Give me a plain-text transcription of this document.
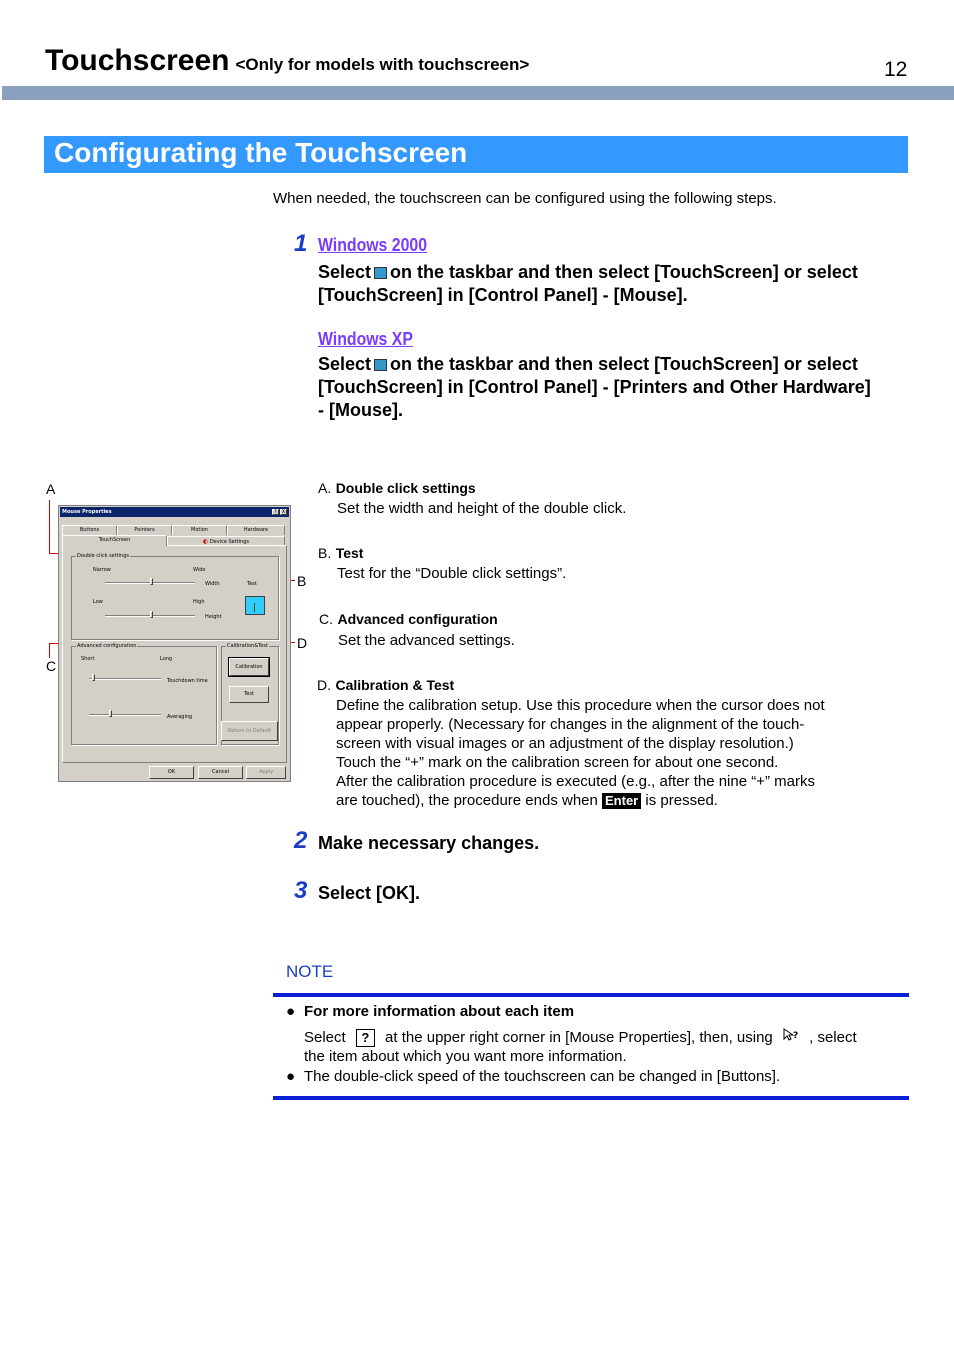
Touchscreen <Only for models with touchscreen>	12
Configurating the Touchscreen
When needed, the touchscreen can be configured using the following steps.
1 Windows 2000
Select on the taskbar and then select [TouchScreen] or select
[TouchScreen] in [Control Panel] - [Mouse].
Windows XP
Select on the taskbar and then select [TouchScreen] or select
[TouchScreen] in [Control Panel] - [Printers and Other Hardware]
- [Mouse].
A
B
C
D
Mouse Properties	? X
Buttons	Pointers	Motion	Hardware
TouchScreen	◐ Device Settings
Double click settings
Narrow	Wide
Width	Test
Low	High
Height
Advanced configuration
Short	Long
Touchdown time
Averaging
Calibration&Test
Calibration
Test
Return to Default
OK	Cancel	Apply
A. Double click settings
Set the width and height of the double click.
B. Test
Test for the “Double click settings”.
C. Advanced configuration
Set the advanced settings.
D. Calibration & Test
Define the calibration setup. Use this procedure when the cursor does not
appear properly. (Necessary for changes in the alignment of the touch-
screen with visual images or an adjustment of the display resolution.)
Touch the “+” mark on the calibration screen for about one second.
After the calibration procedure is executed (e.g., after the nine “+” marks
are touched), the procedure ends when Enter is pressed.
2 Make necessary changes.
3 Select [OK].
NOTE
● For more information about each item
Select ? at the upper right corner in [Mouse Properties], then, using ? , select
the item about which you want more information.
● The double-click speed of the touchscreen can be changed in [Buttons].
